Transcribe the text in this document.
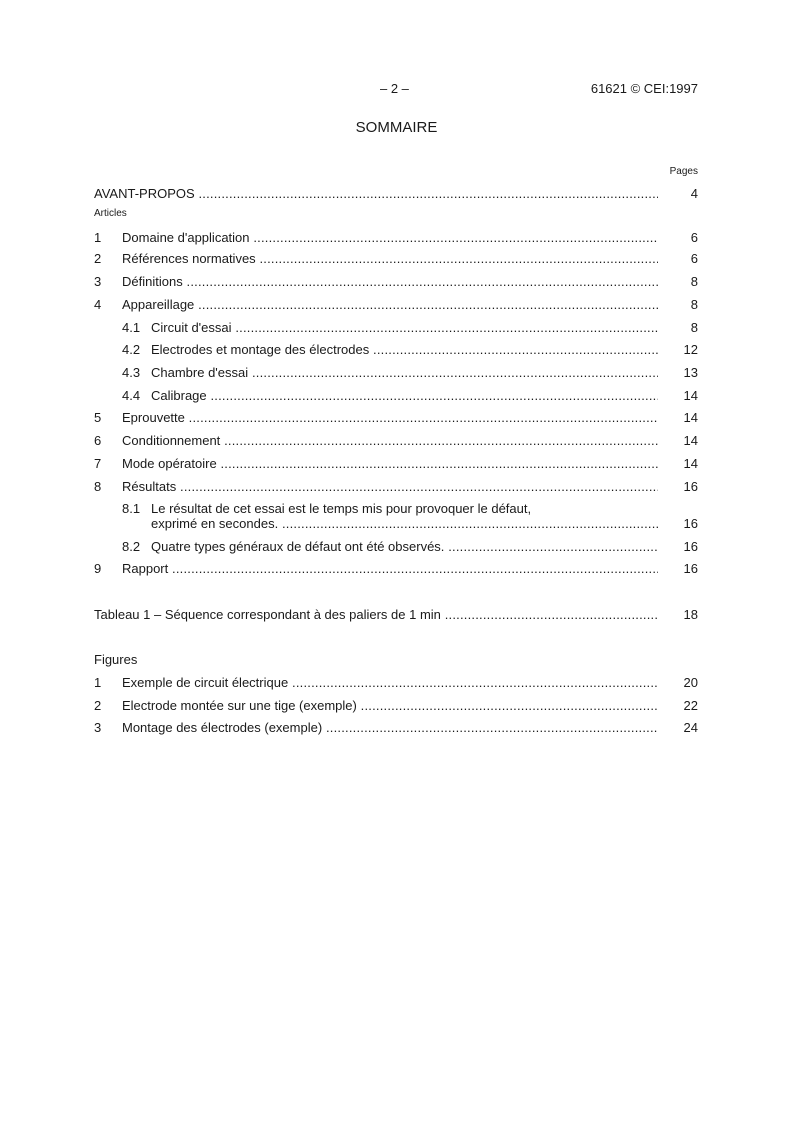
– 2 –	61621 © CEI:1997
SOMMAIRE
Pages
Articles
Figures
AVANT-PROPOS .....	4
1 Domaine d'application .....	6
2 Références normatives .....	6
3 Définitions .....	8
4 Appareillage .....	8
4.1 Circuit d'essai .....	8
4.2 Electrodes et montage des électrodes .....	12
4.3 Chambre d'essai .....	13
4.4 Calibrage .....	14
5 Eprouvette .....	14
6 Conditionnement .....	14
7 Mode opératoire .....	14
8 Résultats .....	16
8.1 Le résultat de cet essai est le temps mis pour provoquer le défaut,
exprimé en secondes. .....	16
8.2 Quatre types généraux de défaut ont été observés. .....	16
9 Rapport .....	16
Tableau 1 – Séquence correspondant à des paliers de 1 min .....	18
1 Exemple de circuit électrique .....	20
2 Electrode montée sur une tige (exemple) .....	22
3 Montage des électrodes (exemple) .....	24
